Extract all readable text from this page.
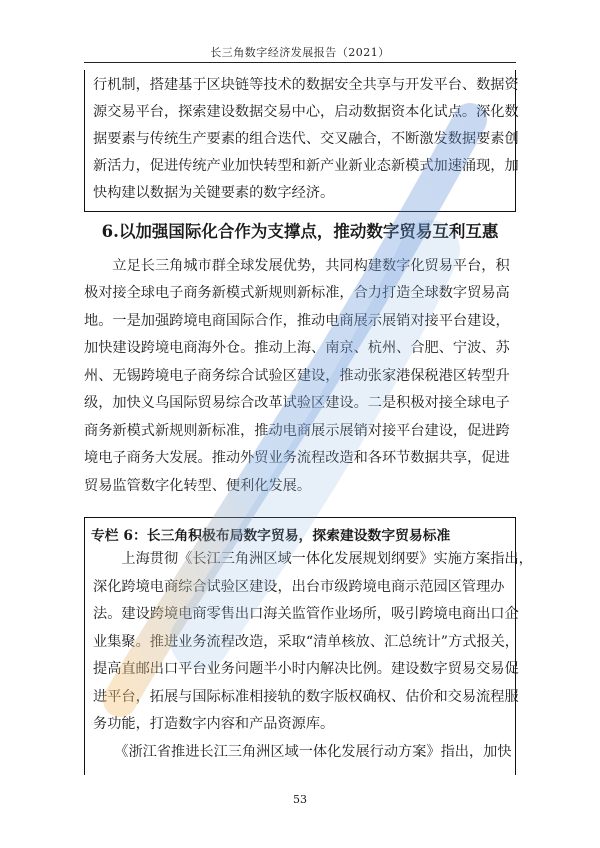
长三角数字经济发展报告（2021）
行机制，搭建基于区块链等技术的数据安全共享与开发平台、数据资
源交易平台，探索建设数据交易中心，启动数据资本化试点。深化数
据要素与传统生产要素的组合迭代、交叉融合，不断激发数据要素创
新活力，促进传统产业加快转型和新产业新业态新模式加速涌现，加
快构建以数据为关键要素的数字经济。
6.以加强国际化合作为支撑点，推动数字贸易互利互惠
　　立足长三角城市群全球发展优势，共同构建数字化贸易平台，积
极对接全球电子商务新模式新规则新标准，合力打造全球数字贸易高
地。一是加强跨境电商国际合作，推动电商展示展销对接平台建设，
加快建设跨境电商海外仓。推动上海、南京、杭州、合肥、宁波、苏
州、无锡跨境电子商务综合试验区建设，推动张家港保税港区转型升
级，加快义乌国际贸易综合改革试验区建设。二是积极对接全球电子
商务新模式新规则新标准，推动电商展示展销对接平台建设，促进跨
境电子商务大发展。推动外贸业务流程改造和各环节数据共享，促进
贸易监管数字化转型、便利化发展。
专栏 6：长三角积极布局数字贸易，探索建设数字贸易标准
　　上海贯彻《长江三角洲区域一体化发展规划纲要》实施方案指出，
深化跨境电商综合试验区建设，出台市级跨境电商示范园区管理办
法。建设跨境电商零售出口海关监管作业场所，吸引跨境电商出口企
业集聚。推进业务流程改造，采取“清单核放、汇总统计”方式报关，
提高直邮出口平台业务问题半小时内解决比例。建设数字贸易交易促
进平台，拓展与国际标准相接轨的数字版权确权、估价和交易流程服
务功能，打造数字内容和产品资源库。
　　《浙江省推进长江三角洲区域一体化发展行动方案》指出，加快
53
